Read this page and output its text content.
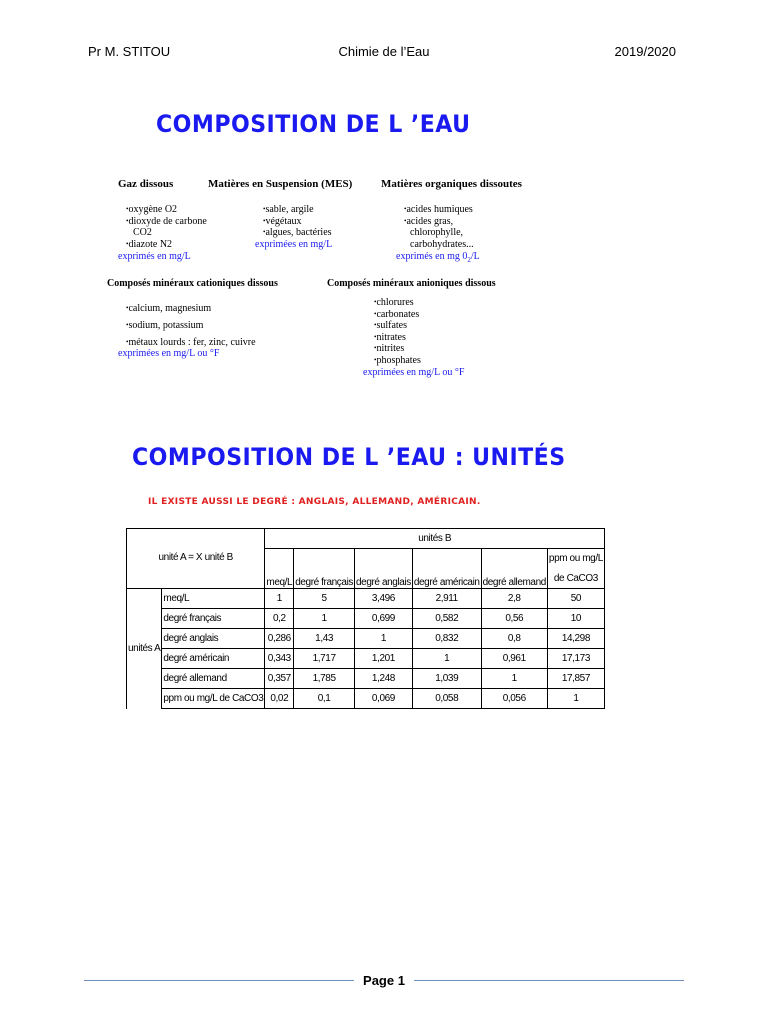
Pr M. STITOU	Chimie de l’Eau	2019/2020
COMPOSITION DE L ’EAU
Gaz dissous	Matières en Suspension (MES)	Matières organiques dissoutes
• oxygène O2
• dioxyde de carbone
CO2
• diazote N2
exprimés en mg/L
• sable, argile
• végétaux
• algues, bactéries
exprimées en mg/L
• acides humiques
• acides gras,
chlorophylle,
carbohydrates...
exprimés en mg $0_2/L$
Composés minéraux cationiques dissous	Composés minéraux anioniques dissous
• calcium, magnesium
• sodium, potassium
• métaux lourds : fer, zinc, cuivre
exprimées en mg/L ou °F
• chlorures
• carbonates
• sulfates
• nitrates
• nitrites
• phosphates
exprimées en mg/L ou °F
COMPOSITION DE L ’EAU : UNITÉS
IL EXISTE AUSSI LE DEGRÉ : ANGLAIS, ALLEMAND, AMÉRICAIN.
unité A = X unité B		unités B					
		meq/L	degré français	degré anglais	degré américain	degré allemand	ppm ou mg/L
							de CaCO3
unités A	meq/L	1	5	3,496	2,911	2,8	50
	degré français	0,2	1	0,699	0,582	0,56	10
	degré anglais	0,286	1,43	1	0,832	0,8	14,298
	degré américain	0,343	1,717	1,201	1	0,961	17,173
	degré allemand	0,357	1,785	1,248	1,039	1	17,857
	ppm ou mg/L de CaCO3	0,02	0,1	0,069	0,058	0,056	1
Page 1
